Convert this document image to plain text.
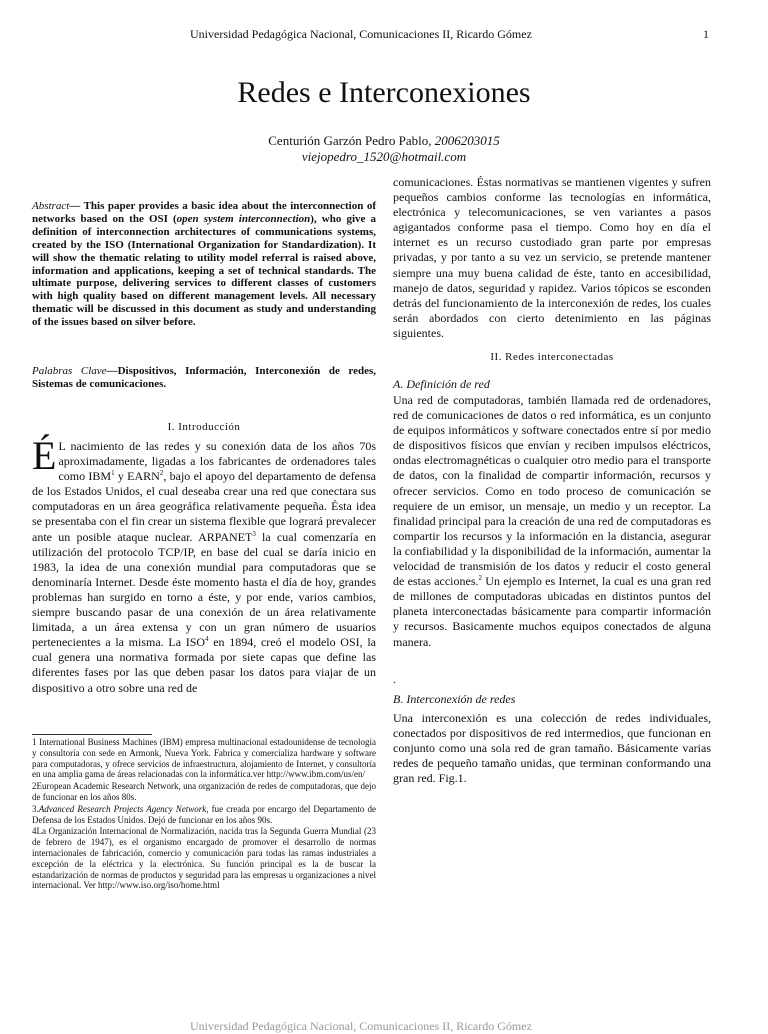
Universidad Pedagógica Nacional, Comunicaciones II, Ricardo Gómez	1
Redes e Interconexiones
Centurión Garzón Pedro Pablo, 2006203015
viejopedro_1520@hotmail.com
Abstract— This paper provides a basic idea about the interconnection of networks based on the OSI (open system interconnection), who give a definition of interconnection architectures of communications systems, created by the ISO (International Organization for Standardization). It will show the thematic relating to utility model referral is raised above, information and applications, keeping a set of technical standards. The ultimate purpose, delivering services to different classes of customers with high quality based on different management levels. All necessary thematic will be discussed in this document as study and understanding of the issues based on silver before.
Palabras Clave—Dispositivos, Información, Interconexión de redes, Sistemas de comunicaciones.
I. Introducción
É L nacimiento de las redes y su conexión data de los años 70s aproximadamente, ligadas a los fabricantes de ordenadores tales como IBM$^1$ y EARN$^2$, bajo el apoyo del departamento de defensa de los Estados Unidos, el cual deseaba crear una red que conectara sus computadoras en un área geográfica relativamente pequeña. Ésta idea se presentaba con el fin crear un sistema flexible que logrará prevalecer ante un posible ataque nuclear. ARPANET$^3$ la cual comenzaría en utilización del protocolo TCP/IP, en base del cual se daría inicio en 1983, la idea de una conexión mundial para computadoras que se denominaría Internet. Desde éste momento hasta el día de hoy, grandes problemas han surgido en torno a éste, y por ende, varios cambios, siempre buscando pasar de una conexión de un área relativamente limitada, a un área extensa y con un gran número de usuarios pertenecientes a la misma. La ISO$^4$ en 1894, creó el modelo OSI, la cual genera una normativa formada por siete capas que define las diferentes fases por las que deben pasar los datos para viajar de un dispositivo a otro sobre una red de

1 International Business Machines (IBM) empresa multinacional estadounidense de tecnología y consultoría con sede en Armonk, Nueva York. Fabrica y comercializa hardware y software para computadoras, y ofrece servicios de infraestructura, alojamiento de Internet, y consultoría en una amplia gama de áreas relacionadas con la informática.ver http://www.ibm.com/us/en/

2European Academic Research Network, una organización de redes de computadoras, que dejo de funcionar en los años 80s.

3.Advanced Research Projects Agency Network, fue creada por encargo del Departamento de Defensa de los Estados Unidos. Dejó de funcionar en los años 90s.

4La Organización Internacional de Normalización, nacida tras la Segunda Guerra Mundial (23 de febrero de 1947), es el organismo encargado de promover el desarrollo de normas internacionales de fabricación, comercio y comunicación para todas las ramas industriales a excepción de la eléctrica y la electrónica. Su función principal es la de buscar la estandarización de normas de productos y seguridad para las empresas u organizaciones a nivel internacional. Ver http://www.iso.org/iso/home.html

comunicaciones. Éstas normativas se mantienen vigentes y sufren pequeños cambios conforme las tecnologías en informática, electrónica y telecomunicaciones, se ven variantes a pasos agigantados conforme pasa el tiempo. Como hoy en día el internet es un recurso custodiado gran parte por empresas privadas, y por tanto a su vez un servicio, se pretende mantener siempre una muy buena calidad de éste, tanto en accesibilidad, manejo de datos, seguridad y rapidez. Varios tópicos se esconden detrás del funcionamiento de la interconexión de redes, los cuales serán abordados con cierto detenimiento en las páginas siguientes.
II. Redes interconectadas
A. Definición de red
Una red de computadoras, también llamada red de ordenadores, red de comunicaciones de datos o red informática, es un conjunto de equipos informáticos y software conectados entre sí por medio de dispositivos físicos que envían y reciben impulsos eléctricos, ondas electromagnéticas o cualquier otro medio para el transporte de datos, con la finalidad de compartir información, recursos y ofrecer servicios. Como en todo proceso de comunicación se requiere de un emisor, un mensaje, un medio y un receptor. La finalidad principal para la creación de una red de computadoras es compartir los recursos y la información en la distancia, asegurar la confiabilidad y la disponibilidad de la información, aumentar la velocidad de transmisión de los datos y reducir el costo general de estas acciones.$^2$ Un ejemplo es Internet, la cual es una gran red de millones de computadoras ubicadas en distintos puntos del planeta interconectadas básicamente para compartir información y recursos. Basicamente muchos equipos conectados de alguna manera.
.
B. Interconexión de redes
Una interconexión es una colección de redes individuales, conectados por dispositivos de red intermedios, que funcionan en conjunto como una sola red de gran tamaño. Básicamente varias redes de pequeño tamaño unidas, que terminan conformando una gran red. Fig.1.
Universidad Pedagógica Nacional, Comunicaciones II, Ricardo Gómez
